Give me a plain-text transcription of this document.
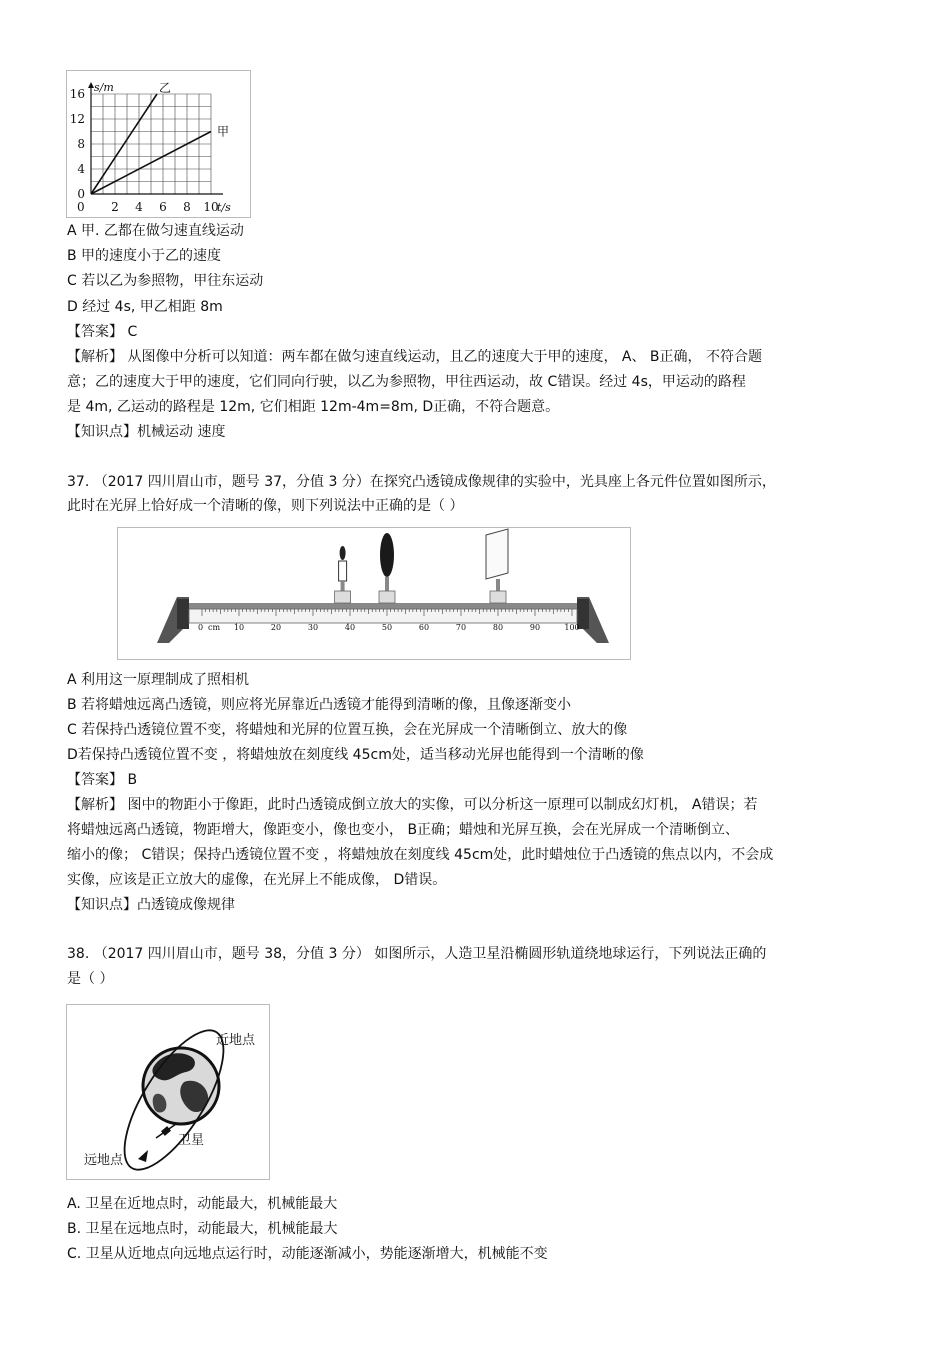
16
12
8
4
0
2 4 6 8 10
0
s/m
t/s
乙
甲
A 甲. 乙都在做匀速直线运动
B 甲的速度小于乙的速度
C 若以乙为参照物，甲往东运动
D 经过 4s, 甲乙相距 8m
【答案】 C
【解析】 从图像中分析可以知道：两车都在做匀速直线运动，且乙的速度大于甲的速度， A、 B正确， 不符合题
意；乙的速度大于甲的速度，它们同向行驶，以乙为参照物，甲往西运动，故 C错误。经过 4s，甲运动的路程
是 4m, 乙运动的路程是 12m, 它们相距 12m-4m=8m, D正确，不符合题意。
【知识点】机械运动 速度
37. （2017 四川眉山市，题号 37，分值 3 分）在探究凸透镜成像规律的实验中，光具座上各元件位置如图所示，
此时在光屏上恰好成一个清晰的像，则下列说法中正确的是（ ）
0	10	20	30	40	50	60	70	80	90	100
cm
A 利用这一原理制成了照相机
B 若将蜡烛远离凸透镜，则应将光屏靠近凸透镜才能得到清晰的像，且像逐渐变小
C 若保持凸透镜位置不变，将蜡烛和光屏的位置互换，会在光屏成一个清晰倒立、放大的像
D若保持凸透镜位置不变 ，将蜡烛放在刻度线 45cm处，适当移动光屏也能得到一个清晰的像
【答案】 B
【解析】 图中的物距小于像距，此时凸透镜成倒立放大的实像，可以分析这一原理可以制成幻灯机， A错误；若
将蜡烛远离凸透镜，物距增大，像距变小，像也变小， B正确；蜡烛和光屏互换，会在光屏成一个清晰倒立、
缩小的像； C错误；保持凸透镜位置不变 ，将蜡烛放在刻度线 45cm处，此时蜡烛位于凸透镜的焦点以内，不会成
实像，应该是正立放大的虚像，在光屏上不能成像， D错误。
【知识点】凸透镜成像规律
38. （2017 四川眉山市，题号 38，分值 3 分） 如图所示，人造卫星沿椭圆形轨道绕地球运行，下列说法正确的
是（ ）
近地点
远地点
卫星
A. 卫星在近地点时，动能最大，机械能最大
B. 卫星在远地点时，动能最大，机械能最大
C. 卫星从近地点向远地点运行时，动能逐渐减小，势能逐渐增大，机械能不变
